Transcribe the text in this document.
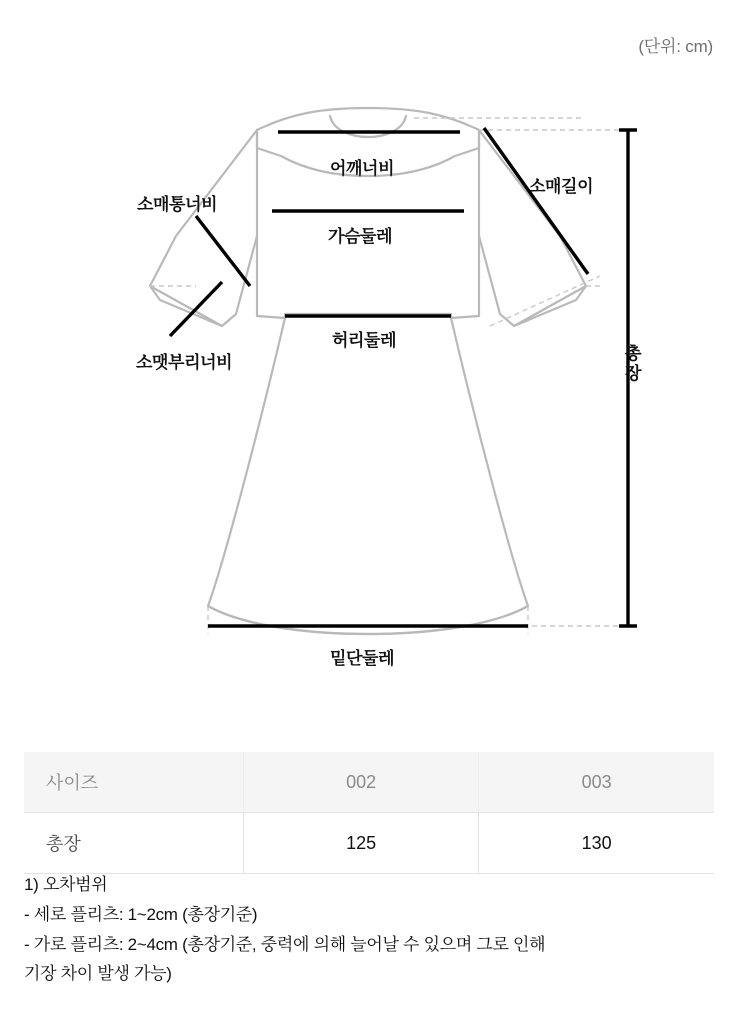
(단위: cm)
어깨너비
가슴둘레
허리둘레
밑단둘레
소매통너비
소맷부리너비
소매길이
총장
사이즈	002	003
총장	125	130
1) 오차범위
- 세로 플리츠: 1~2cm (총장기준)
- 가로 플리츠: 2~4cm (총장기준, 중력에 의해 늘어날 수 있으며 그로 인해
기장 차이 발생 가능)
